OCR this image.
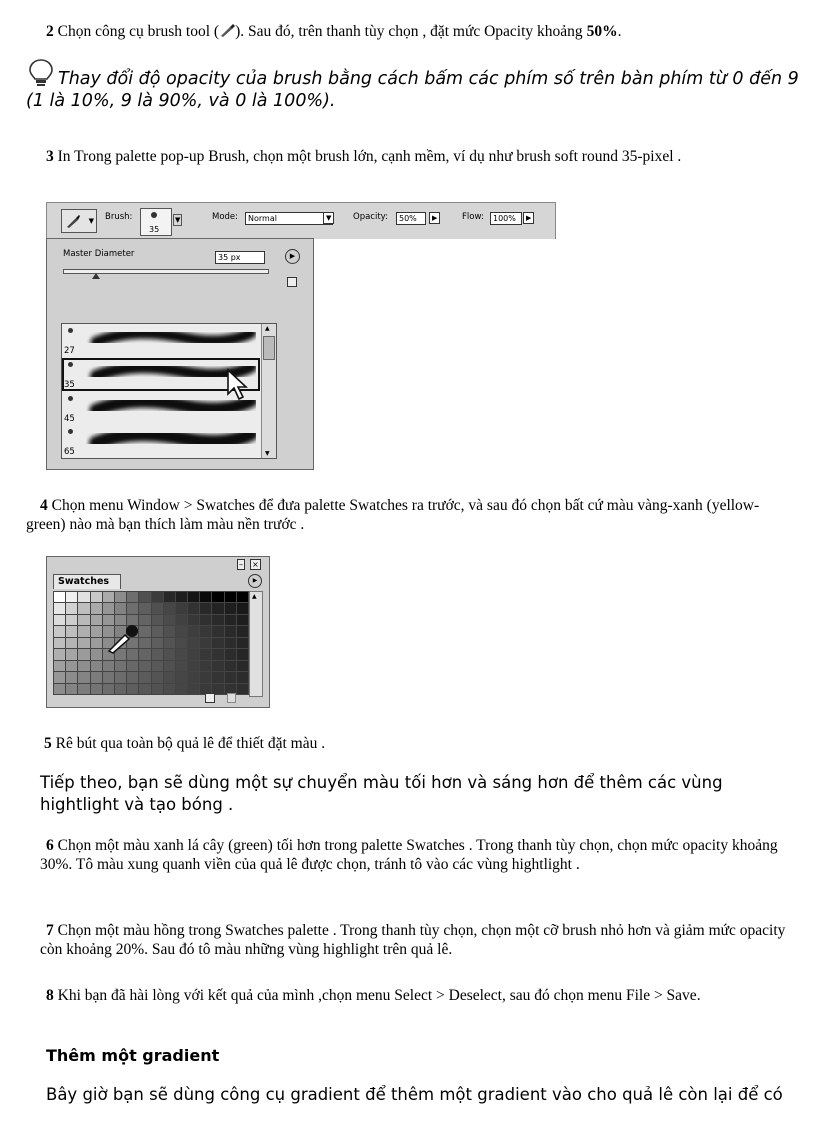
2 Chọn công cụ brush tool ( ). Sau đó, trên thanh tùy chọn , đặt mức Opacity khoảng 50%.
Thay đổi độ opacity của brush bằng cách bấm các phím số trên bàn phím từ 0 đến 9
(1 là 10%, 9 là 90%, và 0 là 100%).
3 In Trong palette pop-up Brush, chọn một brush lớn, cạnh mềm, ví dụ như brush soft round 35-pixel .
▼ Brush:
35
▼	Mode:	Normal	▼	Opacity:	50%	▶	Flow:	100%	▶
Master Diameter	35 px	▶
27
35
45
65
▲
▼
4 Chọn menu Window > Swatches để đưa palette Swatches ra trước, và sau đó chọn bất cứ màu vàng-xanh (yellow-green) nào mà bạn thích làm màu nền trước .
– ×
▶
Swatches
▲
5 Rê bút qua toàn bộ quả lê để thiết đặt màu .
Tiếp theo, bạn sẽ dùng một sự chuyển màu tối hơn và sáng hơn để thêm các vùng hightlight và tạo bóng .
6 Chọn một màu xanh lá cây (green) tối hơn trong palette Swatches . Trong thanh tùy chọn, chọn mức opacity khoảng 30%. Tô màu xung quanh viền của quả lê được chọn, tránh tô vào các vùng hightlight .
7 Chọn một màu hồng trong Swatches palette . Trong thanh tùy chọn, chọn một cỡ brush nhỏ hơn và giảm mức opacity còn khoảng 20%. Sau đó tô màu những vùng highlight trên quả lê.
8 Khi bạn đã hài lòng với kết quả của mình ,chọn menu Select > Deselect, sau đó chọn menu File > Save.
Thêm một gradient
Bây giờ bạn sẽ dùng công cụ gradient để thêm một gradient vào cho quả lê còn lại để có
